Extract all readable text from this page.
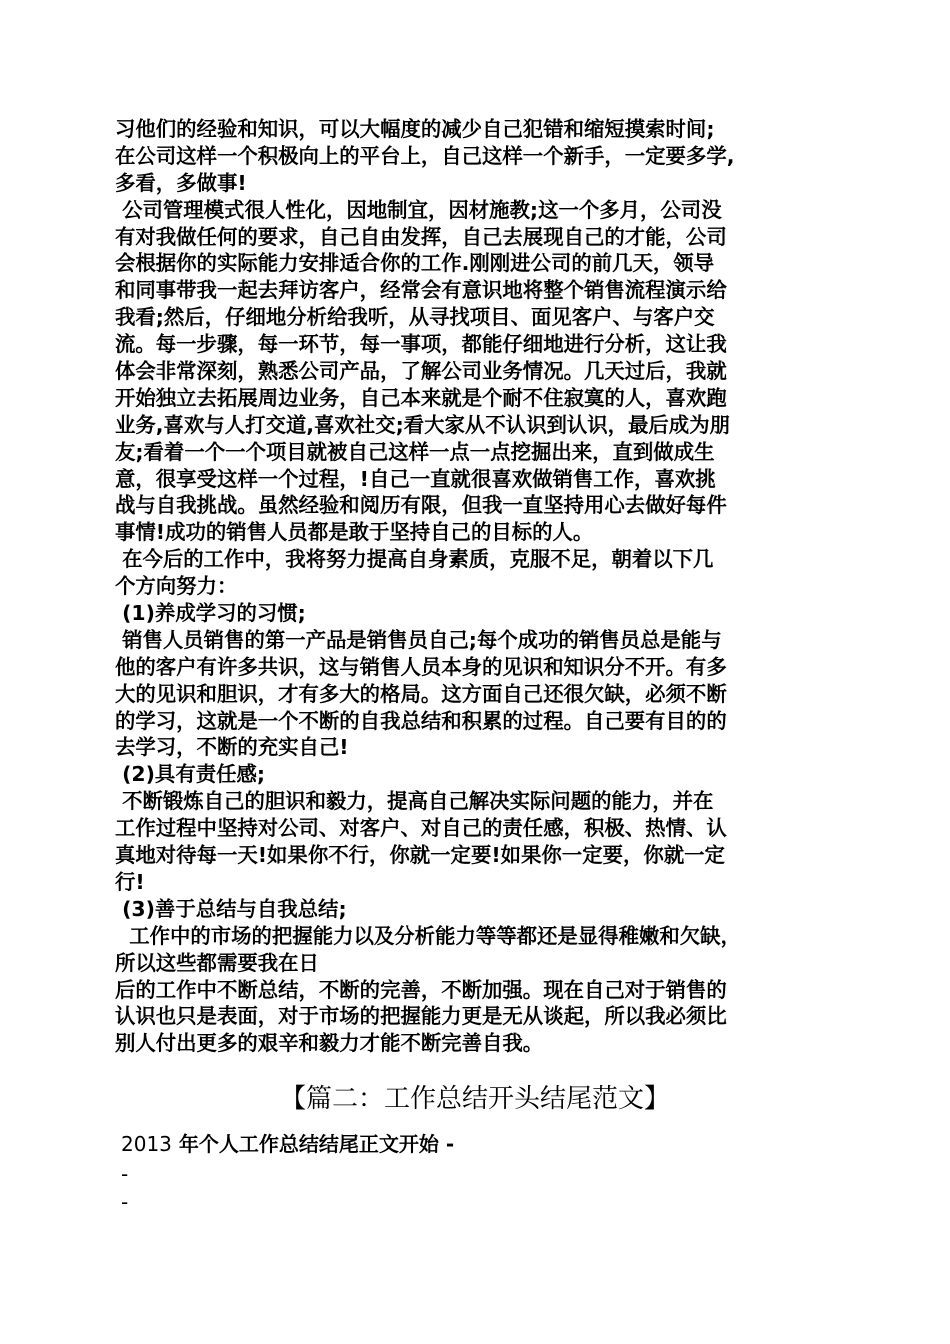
习他们的经验和知识，可以大幅度的减少自己犯错和缩短摸索时间;
在公司这样一个积极向上的平台上，自己这样一个新手，一定要多学,
多看，多做事!
公司管理模式很人性化，因地制宜，因材施教;这一个多月，公司没
有对我做任何的要求，自己自由发挥，自己去展现自己的才能，公司
会根据你的实际能力安排适合你的工作.刚刚进公司的前几天，领导
和同事带我一起去拜访客户，经常会有意识地将整个销售流程演示给
我看;然后，仔细地分析给我听，从寻找项目、面见客户、与客户交
流。每一步骤，每一环节，每一事项，都能仔细地进行分析，这让我
体会非常深刻，熟悉公司产品，了解公司业务情况。几天过后，我就
开始独立去拓展周边业务，自己本来就是个耐不住寂寞的人，喜欢跑
业务,喜欢与人打交道,喜欢社交;看大家从不认识到认识，最后成为朋
友;看着一个一个项目就被自己这样一点一点挖掘出来，直到做成生
意，很享受这样一个过程，!自己一直就很喜欢做销售工作，喜欢挑
战与自我挑战。虽然经验和阅历有限，但我一直坚持用心去做好每件
事情!成功的销售人员都是敢于坚持自己的目标的人。
在今后的工作中，我将努力提高自身素质，克服不足，朝着以下几
个方向努力：
(1)养成学习的习惯;
销售人员销售的第一产品是销售员自己;每个成功的销售员总是能与
他的客户有许多共识，这与销售人员本身的见识和知识分不开。有多
大的见识和胆识，才有多大的格局。这方面自己还很欠缺，必须不断
的学习，这就是一个不断的自我总结和积累的过程。自己要有目的的
去学习，不断的充实自己!
(2)具有责任感;
不断锻炼自己的胆识和毅力，提高自己解决实际问题的能力，并在
工作过程中坚持对公司、对客户、对自己的责任感，积极、热情、认
真地对待每一天!如果你不行，你就一定要!如果你一定要，你就一定
行!
(3)善于总结与自我总结;
工作中的市场的把握能力以及分析能力等等都还是显得稚嫩和欠缺，
所以这些都需要我在日
后的工作中不断总结，不断的完善，不断加强。现在自己对于销售的
认识也只是表面，对于市场的把握能力更是无从谈起，所以我必须比
别人付出更多的艰辛和毅力才能不断完善自我。
【篇二：工作总结开头结尾范文】
2013 年个人工作总结结尾正文开始 -
-
-
